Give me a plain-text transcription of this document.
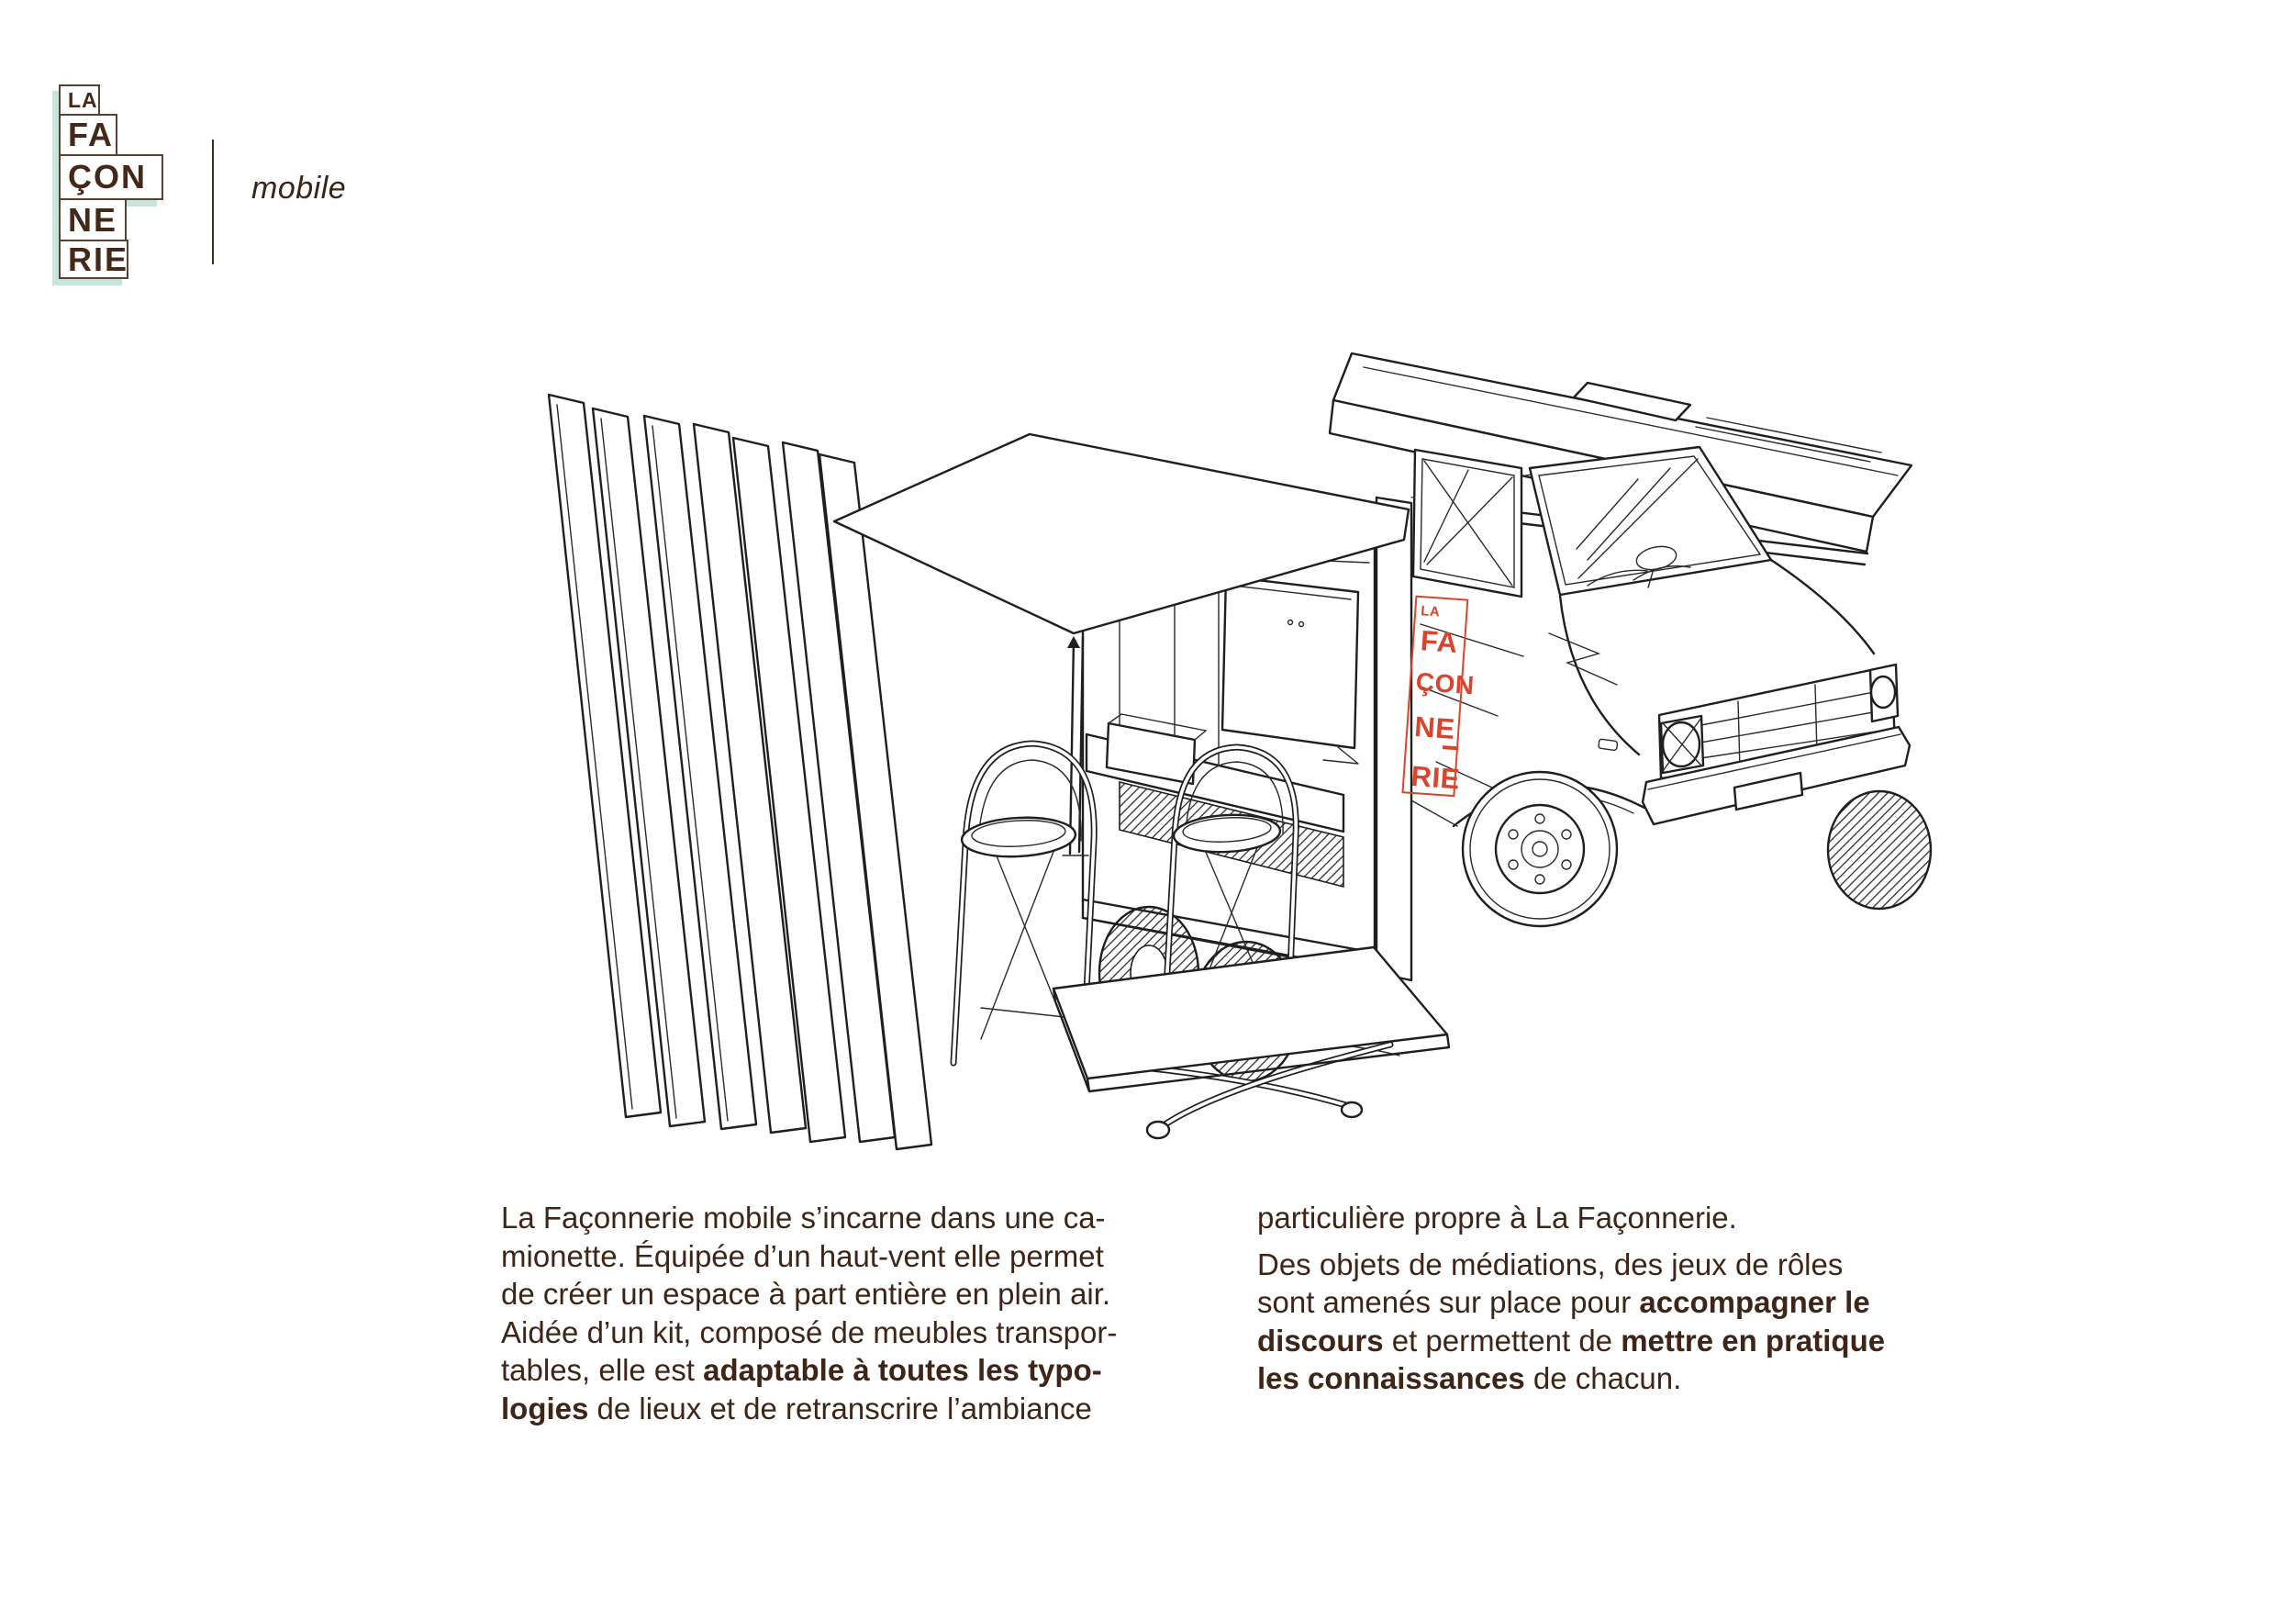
LA
FA
ÇON
NE
RIE
mobile
LA
FA
ÇON
NE
RIE
La Façonnerie mobile s’incarne dans une ca-
mionette. Équipée d’un haut-vent elle permet
de créer un espace à part entière en plein air.
Aidée d’un kit, composé de meubles transpor-
tables, elle est adaptable à toutes les typo-
logies de lieux et de retranscrire l’ambiance
particulière propre à La Façonnerie.
Des objets de médiations, des jeux de rôles
sont amenés sur place pour accompagner le
discours et permettent de mettre en pratique
les connaissances de chacun.
